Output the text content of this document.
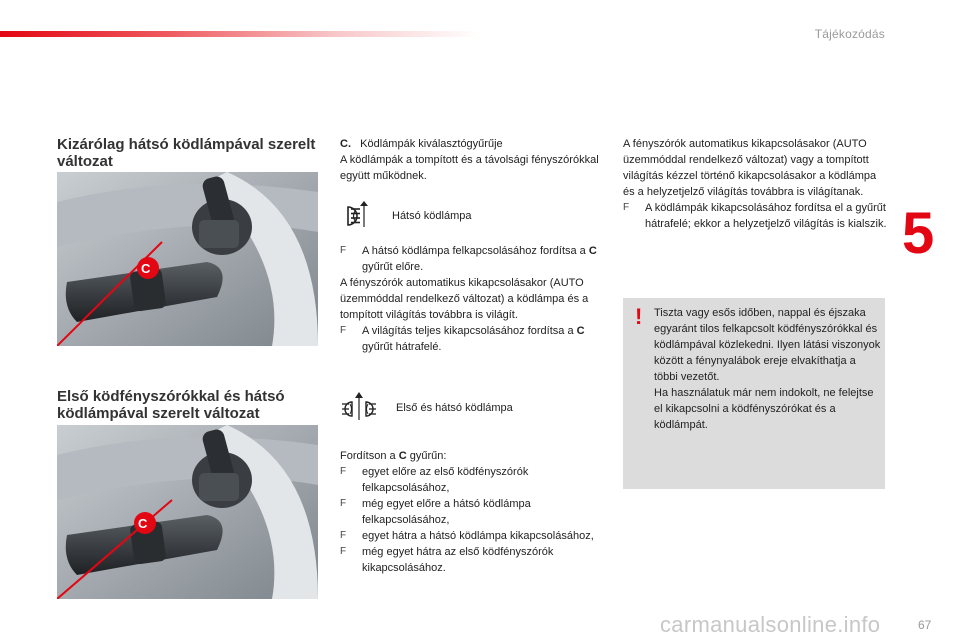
Tájékozódás
5
Kizárólag hátsó ködlámpával szerelt változat
C
Első ködfényszórókkal és hátsó ködlámpával szerelt változat
C
C. Ködlámpák kiválasztógyűrűje
A ködlámpák a tompított és a távolsági fényszórókkal együtt működnek.
Hátsó ködlámpa
F	A hátsó ködlámpa felkapcsolásához fordítsa a C gyűrűt előre.
A fényszórók automatikus kikapcsolásakor (AUTO üzemmóddal rendelkező változat) a ködlámpa és a tompított világítás továbbra is világít.
F	A világítás teljes kikapcsolásához fordítsa a C gyűrűt hátrafelé.
Első és hátsó ködlámpa
Fordítson a C gyűrűn:
F	egyet előre az első ködfényszórók felkapcsolásához,
F	még egyet előre a hátsó ködlámpa felkapcsolásához,
F	egyet hátra a hátsó ködlámpa kikapcsolásához,
F	még egyet hátra az első ködfényszórók kikapcsolásához.
A fényszórók automatikus kikapcsolásakor (AUTO üzemmóddal rendelkező változat) vagy a tompított világítás kézzel történő kikapcsolásakor a ködlámpa és a helyzetjelző világítás továbbra is világítanak.
F	A ködlámpák kikapcsolásához fordítsa el a gyűrűt hátrafelé; ekkor a helyzetjelző világítás is kialszik.
! Tiszta vagy esős időben, nappal és éjszaka egyaránt tilos felkapcsolt ködfényszórókkal és ködlámpával közlekedni. Ilyen látási viszonyok között a fénynyalábok ereje elvakíthatja a többi vezetőt.
Ha használatuk már nem indokolt, ne felejtse el kikapcsolni a ködfényszórókat és a ködlámpát.
carmanualsonline.info	67
